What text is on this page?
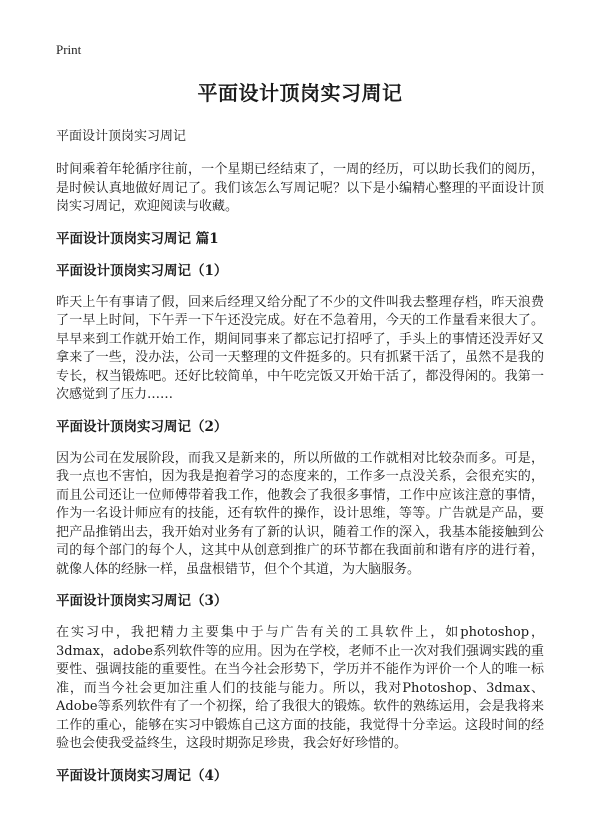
Print
平面设计顶岗实习周记

平面设计顶岗实习周记

时间乘着年轮循序往前，一个星期已经结束了，一周的经历，可以助长我们的阅历，是时候认真地做好周记了。我们该怎么写周记呢？以下是小编精心整理的平面设计顶岗实习周记，欢迎阅读与收藏。

平面设计顶岗实习周记 篇1
平面设计顶岗实习周记（1）

昨天上午有事请了假，回来后经理又给分配了不少的文件叫我去整理存档，昨天浪费了一早上时间，下午弄一下午还没完成。好在不急着用，今天的工作量看来很大了。早早来到工作就开始工作，期间同事来了都忘记打招呼了，手头上的事情还没弄好又拿来了一些，没办法，公司一天整理的文件挺多的。只有抓紧干活了，虽然不是我的专长，权当锻炼吧。还好比较简单，中午吃完饭又开始干活了，都没得闲的。我第一次感觉到了压力……

平面设计顶岗实习周记（2）

因为公司在发展阶段，而我又是新来的，所以所做的工作就相对比较杂而多。可是，我一点也不害怕，因为我是抱着学习的态度来的，工作多一点没关系，会很充实的，而且公司还让一位师傅带着我工作，他教会了我很多事情，工作中应该注意的事情，作为一名设计师应有的技能，还有软件的操作，设计思维，等等。广告就是产品，要把产品推销出去，我开始对业务有了新的认识，随着工作的深入，我基本能接触到公司的每个部门的每个人，这其中从创意到推广的环节都在我面前和谐有序的进行着，就像人体的经脉一样，虽盘根错节，但个个其道，为大脑服务。

平面设计顶岗实习周记（3）

在实习中，我把精力主要集中于与广告有关的工具软件上，如photoshop，3dmax，adobe系列软件等的应用。因为在学校，老师不止一次对我们强调实践的重要性、强调技能的重要性。在当今社会形势下，学历并不能作为评价一个人的唯一标准，而当今社会更加注重人们的技能与能力。所以，我对Photoshop、3dmax、Adobe等系列软件有了一个初探，给了我很大的锻炼。软件的熟练运用，会是我将来工作的重心，能够在实习中锻炼自己这方面的技能，我觉得十分幸运。这段时间的经验也会使我受益终生，这段时期弥足珍贵，我会好好珍惜的。

平面设计顶岗实习周记（4）
